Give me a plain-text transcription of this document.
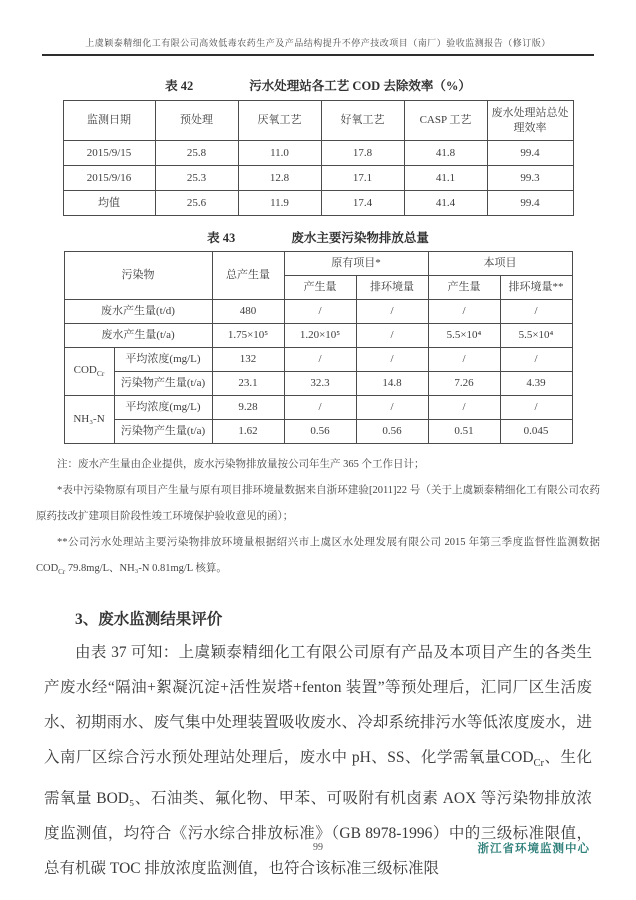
上虞颖泰精细化工有限公司高效低毒农药生产及产品结构提升不停产技改项目（南厂）验收监测报告（修订版）
表 42	污水处理站各工艺 COD 去除效率（%）
监测日期	预处理	厌氧工艺	好氧工艺	CASP 工艺	废水处理站总处理效率
2015/9/15	25.8	11.0	17.8	41.8	99.4
2015/9/16	25.3	12.8	17.1	41.1	99.3
均值	25.6	11.9	17.4	41.4	99.4
表 43	废水主要污染物排放总量
污染物		总产生量	原有项目*		本项目	
			产生量	排环境量	产生量	排环境量**
废水产生量(t/d)		480	/	/	/	/
废水产生量(t/a)		1.75×10⁵	1.20×10⁵	/	5.5×10⁴	5.5×10⁴
$COD_{Cr}$	平均浓度(mg/L)	132	/	/	/	/
	污染物产生量(t/a)	23.1	32.3	14.8	7.26	4.39
NH₃-N	平均浓度(mg/L)	9.28	/	/	/	/
	污染物产生量(t/a)	1.62	0.56	0.56	0.51	0.045

注：废水产生量由企业提供，废水污染物排放量按公司年生产 365 个工作日计；

*表中污染物原有项目产生量与原有项目排环境量数据来自浙环建验[2011]22 号（关于上虞颖泰精细化工有限公司农药原药技改扩建项目阶段性竣工环境保护验收意见的函）；

**公司污水处理站主要污染物排放环境量根据绍兴市上虞区水处理发展有限公司 2015 年第三季度监督性监测数据 $COD_{Cr}$ 79.8mg/L、NH₃-N 0.81mg/L 核算。

3、废水监测结果评价

由表 37 可知：上虞颖泰精细化工有限公司原有产品及本项目产生的各类生产废水经“隔油+絮凝沉淀+活性炭塔+fenton 装置”等预处理后，汇同厂区生活废水、初期雨水、废气集中处理装置吸收废水、冷却系统排污水等低浓度废水，进入南厂区综合污水预处理站处理后，废水中 pH、SS、化学需氧量$COD_{Cr}$、生化需氧量 BOD₅、石油类、氟化物、甲苯、可吸附有机卤素 AOX 等污染物排放浓度监测值，均符合《污水综合排放标准》（GB 8978-1996）中的三级标准限值，总有机碳 TOC 排放浓度监测值，也符合该标准三级标准限

99	浙江省环境监测中心
